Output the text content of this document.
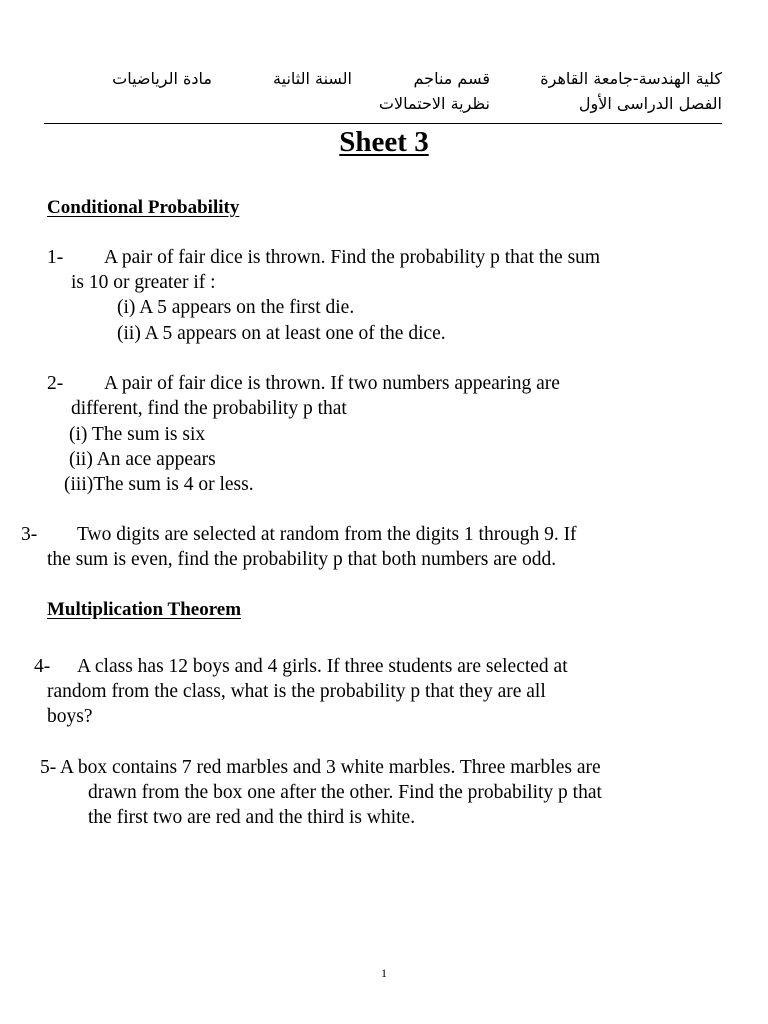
كلية الهندسة-جامعة القاهرة
قسم مناجم
السنة الثانية
مادة الرياضيات
الفصل الدراسى الأول
نظرية الاحتمالات
Sheet 3
Conditional Probability
1- A pair of fair dice is thrown. Find the probability p that the sum
is 10 or greater if :
(i) A 5 appears on the first die.
(ii) A 5 appears on at least one of the dice.
2- A pair of fair dice is thrown. If two numbers appearing are
different, find the probability p that
(i) The sum is six
(ii) An ace appears
(iii)The sum is 4 or less.
3- Two digits are selected at random from the digits 1 through 9. If
the sum is even, find the probability p that both numbers are odd.
Multiplication Theorem
4- A class has 12 boys and 4 girls. If three students are selected at
random from the class, what is the probability p that they are all
boys?
5- A box contains 7 red marbles and 3 white marbles. Three marbles are
drawn from the box one after the other. Find the probability p that
the first two are red and the third is white.
1
